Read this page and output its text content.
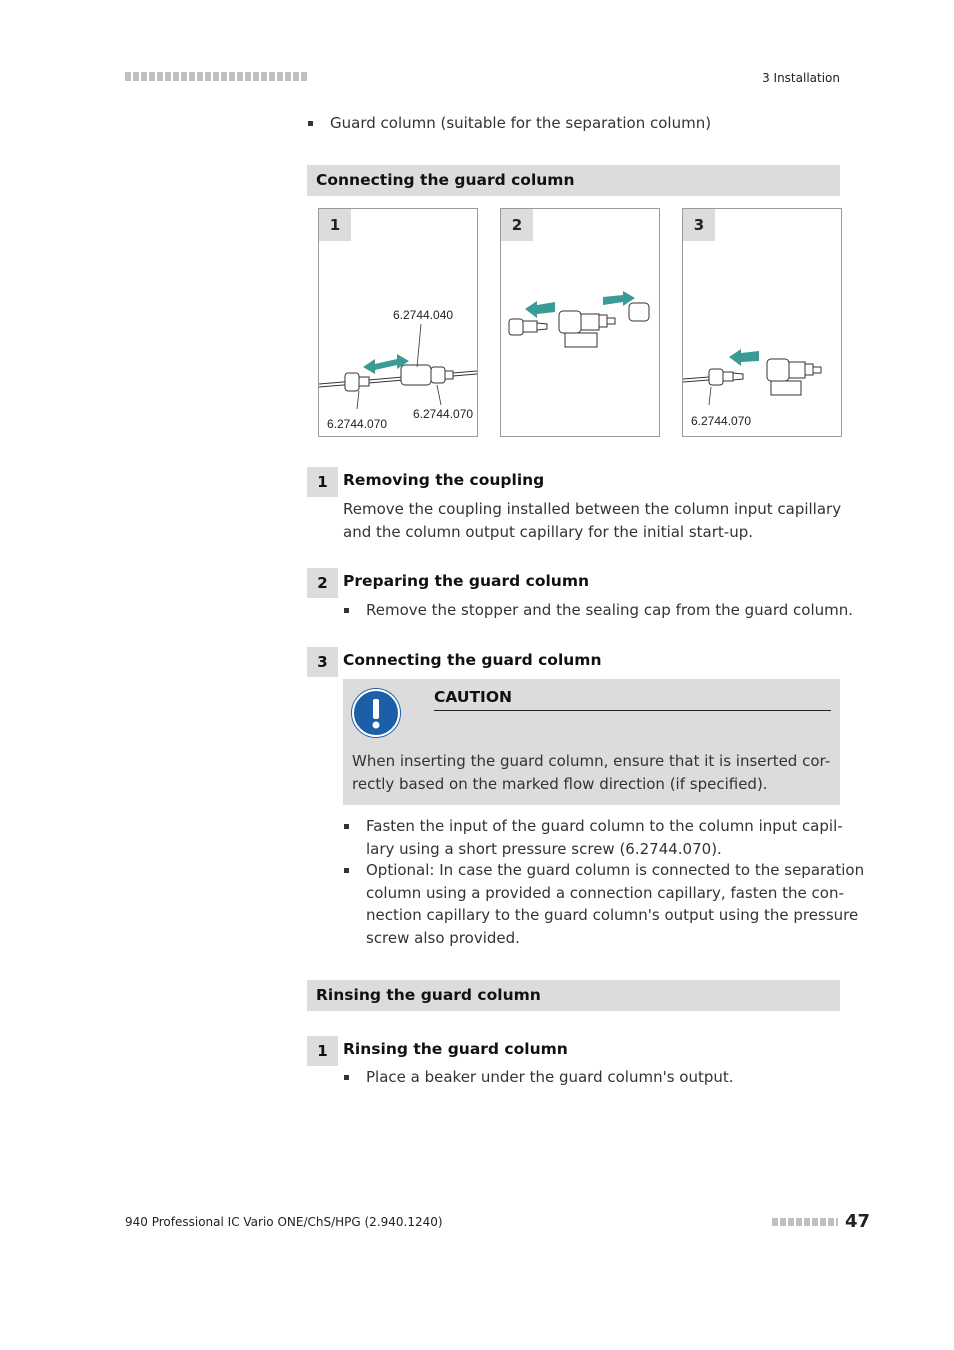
3 Installation
Guard column (suitable for the separation column)
Connecting the guard column
6.2744.040
6.2744.070
6.2744.070
1	2
6.2744.070
3
1 Removing the coupling
Remove the coupling installed between the column input capillary
and the column output capillary for the initial start-up.
2 Preparing the guard column
Remove the stopper and the sealing cap from the guard column.
3 Connecting the guard column
CAUTION
When inserting the guard column, ensure that it is inserted cor-
rectly based on the marked flow direction (if specified).
Fasten the input of the guard column to the column input capil-
lary using a short pressure screw (6.2744.070).
Optional: In case the guard column is connected to the separation
column using a provided a connection capillary, fasten the con-
nection capillary to the guard column's output using the pressure
screw also provided.
Rinsing the guard column
1 Rinsing the guard column
Place a beaker under the guard column's output.
940 Professional IC Vario ONE/ChS/HPG (2.940.1240)	47
